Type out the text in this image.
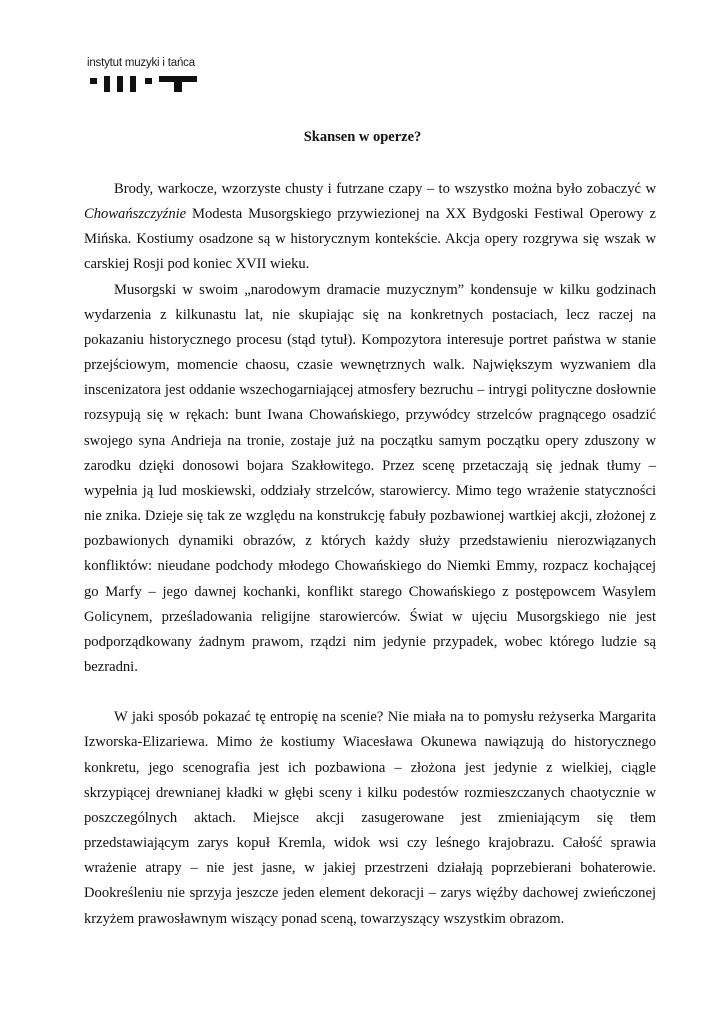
instytut muzyki i tańca
Skansen w operze?

Brody, warkocze, wzorzyste chusty i futrzane czapy – to wszystko można było zobaczyć w Chowańszczyźnie Modesta Musorgskiego przywiezionej na XX Bydgoski Festiwal Operowy z Mińska. Kostiumy osadzone są w historycznym kontekście. Akcja opery rozgrywa się wszak w carskiej Rosji pod koniec XVII wieku.

Musorgski w swoim „narodowym dramacie muzycznym” kondensuje w kilku godzinach wydarzenia z kilkunastu lat, nie skupiając się na konkretnych postaciach, lecz raczej na pokazaniu historycznego procesu (stąd tytuł). Kompozytora interesuje portret państwa w stanie przejściowym, momencie chaosu, czasie wewnętrznych walk. Największym wyzwaniem dla inscenizatora jest oddanie wszechogarniającej atmosfery bezruchu – intrygi polityczne dosłownie rozsypują się w rękach: bunt Iwana Chowańskiego, przywódcy strzelców pragnącego osadzić swojego syna Andrieja na tronie, zostaje już na początku samym początku opery zduszony w zarodku dzięki donosowi bojara Szakłowitego. Przez scenę przetaczają się jednak tłumy – wypełnia ją lud moskiewski, oddziały strzelców, starowiercy. Mimo tego wrażenie statyczności nie znika. Dzieje się tak ze względu na konstrukcję fabuły pozbawionej wartkiej akcji, złożonej z pozbawionych dynamiki obrazów, z których każdy służy przedstawieniu nierozwiązanych konfliktów: nieudane podchody młodego Chowańskiego do Niemki Emmy, rozpacz kochającej go Marfy – jego dawnej kochanki, konflikt starego Chowańskiego z postępowcem Wasylem Golicynem, prześladowania religijne starowierców. Świat w ujęciu Musorgskiego nie jest podporządkowany żadnym prawom, rządzi nim jedynie przypadek, wobec którego ludzie są bezradni.

W jaki sposób pokazać tę entropię na scenie? Nie miała na to pomysłu reżyserka Margarita Izworska-Elizariewa. Mimo że kostiumy Wiacesława Okunewa nawiązują do historycznego konkretu, jego scenografia jest ich pozbawiona – złożona jest jedynie z wielkiej, ciągle skrzypiącej drewnianej kładki w głębi sceny i kilku podestów rozmieszczanych chaotycznie w poszczególnych aktach. Miejsce akcji zasugerowane jest zmieniającym się tłem przedstawiającym zarys kopuł Kremla, widok wsi czy leśnego krajobrazu. Całość sprawia wrażenie atrapy – nie jest jasne, w jakiej przestrzeni działają poprzebierani bohaterowie. Dookreśleniu nie sprzyja jeszcze jeden element dekoracji – zarys więźby dachowej zwieńczonej krzyżem prawosławnym wiszący ponad sceną, towarzyszący wszystkim obrazom.
